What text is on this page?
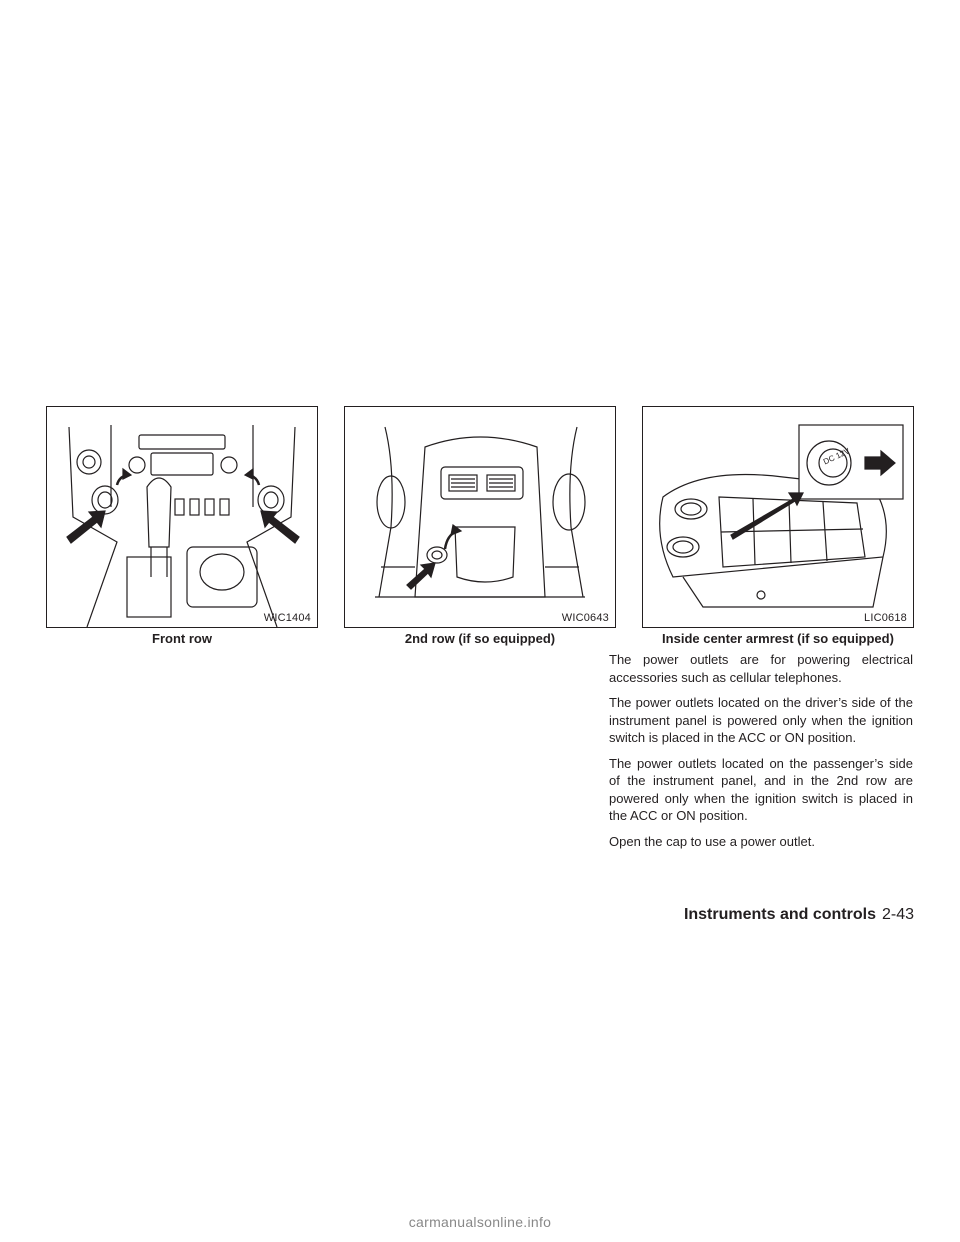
WIC1404
Front row
WIC0643
2nd row (if so equipped)
DC 12V
LIC0618
Inside center armrest (if so equipped)

The power outlets are for powering electrical accessories such as cellular telephones.

The power outlets located on the driver’s side of the instrument panel is powered only when the ignition switch is placed in the ACC or ON position.

The power outlets located on the passenger’s side of the instrument panel, and in the 2nd row are powered only when the ignition switch is placed in the ACC or ON position.

Open the cap to use a power outlet.

Instruments and controls 2-43
carmanualsonline.info
